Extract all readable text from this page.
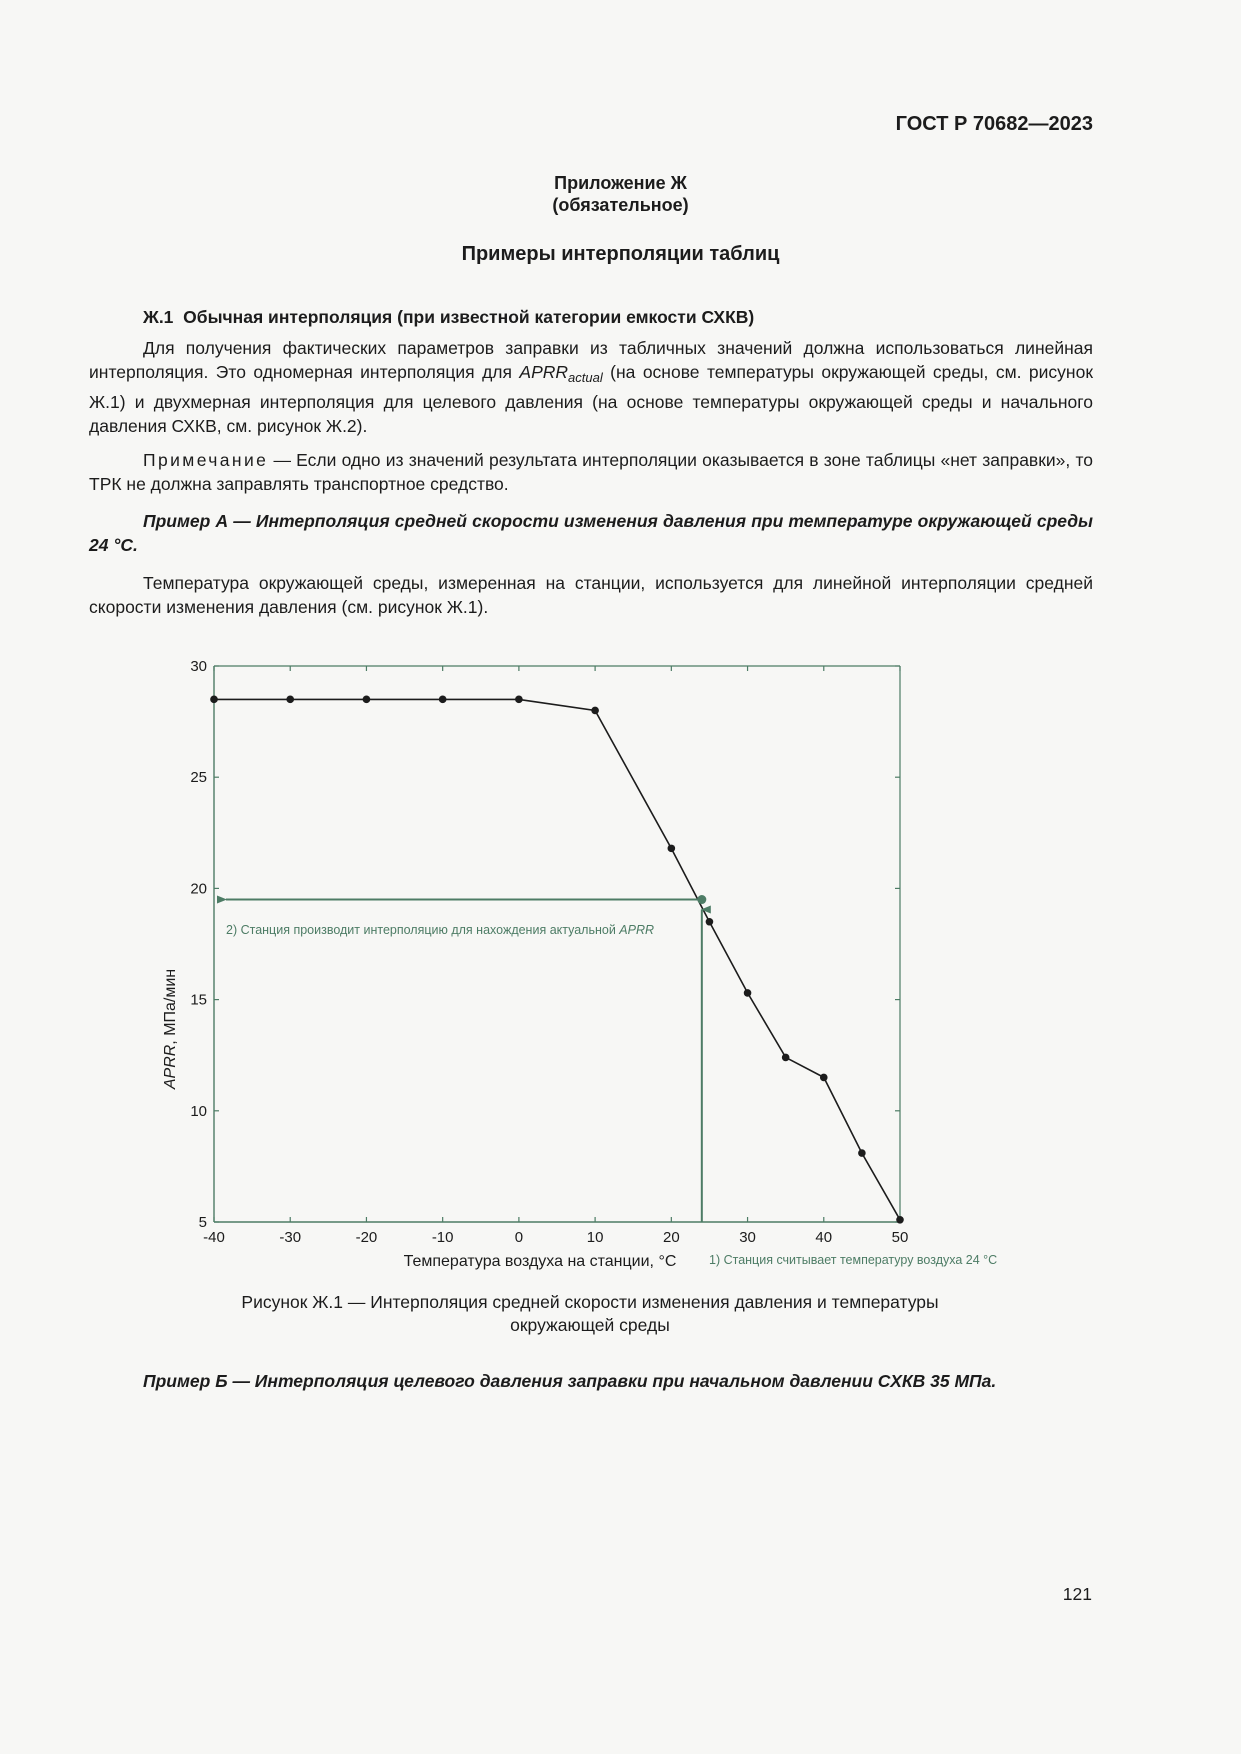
ГОСТ Р 70682—2023
Приложение Ж
(обязательное)
Примеры интерполяции таблиц
Ж.1 Обычная интерполяция (при известной категории емкости СХКВ)
Для получения фактических параметров заправки из табличных значений должна использоваться линейная интерполяция. Это одномерная интерполяция для $APRR_{actual}$ (на основе температуры окружающей среды, см. рисунок Ж.1) и двухмерная интерполяция для целевого давления (на основе температуры окружающей среды и начального давления СХКВ, см. рисунок Ж.2).
Примечание — Если одно из значений результата интерполяции оказывается в зоне таблицы «нет заправки», то ТРК не должна заправлять транспортное средство.
Пример А — Интерполяция средней скорости изменения давления при температуре окружающей среды 24 °C.
Температура окружающей среды, измеренная на станции, используется для линейной интерполяции средней скорости изменения давления (см. рисунок Ж.1).
-40	-30	-20	-10	0	10	20	30	40	50
5
10
15
20
25
30
Температура воздуха на станции, °C
APRR, МПа/мин
1) Станция считывает температуру воздуха 24 °C
2) Станция производит интерполяцию для нахождения актуальной APRR
Рисунок Ж.1 — Интерполяция средней скорости изменения давления и температуры
окружающей среды
Пример Б — Интерполяция целевого давления заправки при начальном давлении СХКВ 35 МПа.
121
